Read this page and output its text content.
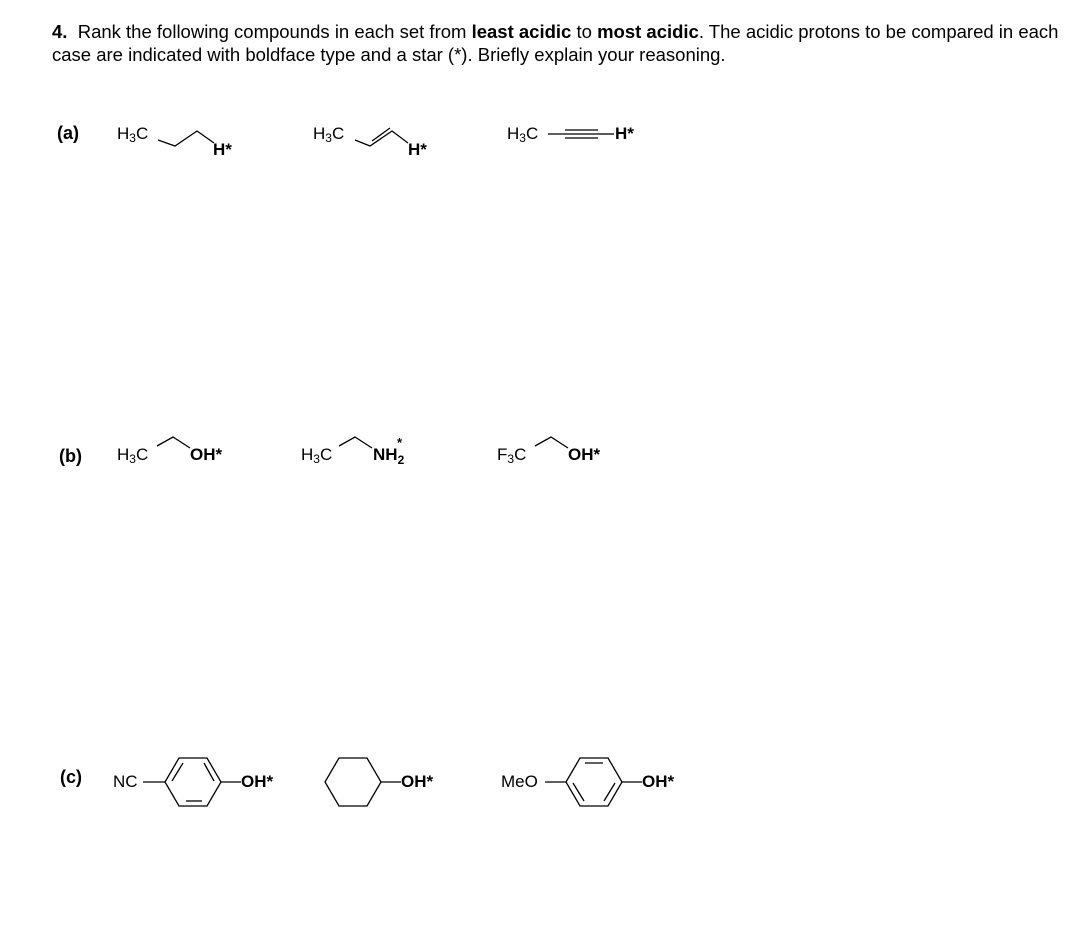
4. Rank the following compounds in each set from least acidic to most acidic. The acidic protons to be compared in each case are indicated with boldface type and a star (*). Briefly explain your reasoning.
(a) $H_3C$
H*
$H_3C$
H*
$H_3C$	H*
(b) $H_3C$ OH*	$H_3C$ $NH_2$
*
$F_3C$ OH*
(c) NC	OH*	OH*	MeO	OH*
